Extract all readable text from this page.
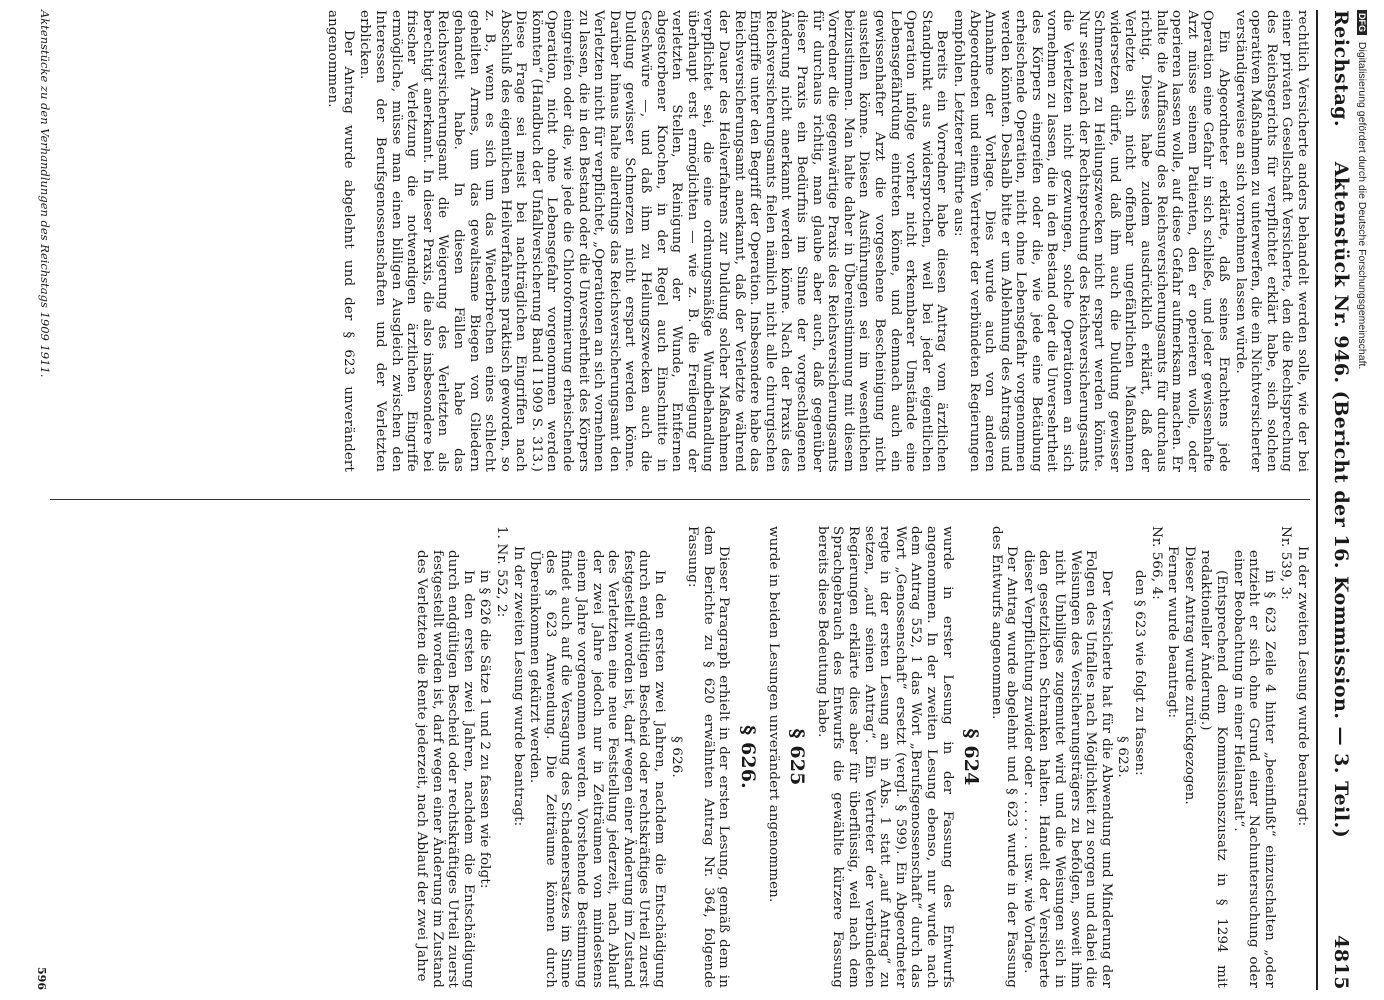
Reichstag.
Aktenstück Nr. 946. (Bericht der 16. Kommission. — 3. Teil.)
4815

rechtlich Versicherte anders behandelt werden solle, wie der bei einer privaten Gesellschaft Versicherte, den die Rechtsprechung des Reichsgerichts für verpflichtet erklärt habe, sich solchen operativen Maßnahmen zu unterwerfen, die ein Nichtversicherter verständigerweise an sich vornehmen lassen würde.

Ein Abgeordneter erklärte, daß seines Erachtens jede Operation eine Gefahr in sich schließe, und jeder gewissenhafte Arzt müsse seinem Patienten, den er operieren wolle, oder operieren lassen wolle, auf diese Gefahr aufmerksam machen. Er halte die Auffassung des Reichsversicherungsamts für durchaus richtig. Dieses habe zudem ausdrücklich erklärt, daß der Verletzte sich nicht offenbar ungefährlichen Maßnahmen widersetzen dürfe, und daß ihm auch die Duldung gewisser Schmerzen zu Heilungszwecken nicht erspart werden könnte. Nur seien nach der Rechtsprechung des Reichsversicherungsamts die Verletzten nicht gezwungen, solche Operationen an sich vornehmen zu lassen, die in den Bestand oder die Unversehrtheit des Körpers eingreifen oder die, wie jede eine Betäubung erheischende Operation, nicht ohne Lebensgefahr vorgenommen werden könnten. Deshalb bitte er um Ablehnung des Antrags und Annahme der Vorlage. Dies wurde auch von anderen Abgeordneten und einem Vertreter der verbündeten Regierungen empfohlen. Letzterer führte aus:

Bereits ein Vorredner habe diesen Antrag vom ärztlichen Standpunkt aus widersprochen, weil bei jeder eigentlichen Operation infolge vorher nicht erkennbarer Umstände eine Lebensgefährdung eintreten könne, und demnach auch ein gewissenhafter Arzt die vorgesehene Bescheinigung nicht ausstellen könne. Diesen Ausführungen sei im wesentlichen beizustimmen. Man halte daher in Übereinstimmung mit diesem Vorredner die gegenwärtige Praxis des Reichsversicherungsamts für durchaus richtig, man glaube aber auch, daß gegenüber dieser Praxis ein Bedürfnis im Sinne der vorgeschlagenen Änderung nicht anerkannt werden könne. Nach der Praxis des Reichsversicherungsamts fielen nämlich nicht alle chirurgischen Eingriffe unter den Begriff der Operation. Insbesondere habe das Reichsversicherungsamt anerkannt, daß der Verletzte während der Dauer des Heilverfahrens zur Duldung solcher Maßnahmen verpflichtet sei, die eine ordnungsmäßige Wundbehandlung überhaupt erst ermöglichten — wie z. B. die Freilegung der verletzten Stellen, Reinigung der Wunde, Entfernen abgestorbener Knochen, in der Regel auch Einschnitte in Geschwüre —, und daß ihm zu Heilungszwecken auch die Duldung gewisser Schmerzen nicht erspart werden könne. Darüber hinaus halte allerdings das Reichsversicherungsamt den Verletzten nicht für verpflichtet, „Operationen an sich vornehmen zu lassen, die in den Bestand oder die Unversehrtheit des Körpers eingreifen oder die, wie jede die Chloroformierung erheischende Operation, nicht ohne Lebensgefahr vorgenommen werden könnten“ (Handbuch der Unfallversicherung Band I 1909 S. 313.) Diese Frage sei meist bei nachträglichen Eingriffen nach Abschluß des eigentlichen Heilverfahrens praktisch geworden, so z. B., wenn es sich um das Wiederbrechen eines schlecht geheilten Armes, um das gewaltsame Biegen von Gliedern gehandelt habe. In diesen Fällen habe das Reichsversicherungsamt die Weigerung des Verletzten als berechtigt anerkannt. In dieser Praxis, die also insbesondere bei frischer Verletzung die notwendigen ärztlichen Eingriffe ermögliche, müsse man einen billigen Ausgleich zwischen den Interessen der Berufsgenossenschaften und der Verletzten erblicken.

Der Antrag wurde abgelehnt und der § 623 unverändert angenommen.

In der zweiten Lesung wurde beantragt:

Nr. 539, 3:

in § 623 Zeile 4 hinter „beeinflußt“ einzuschalten „oder entzieht er sich ohne Grund einer Nachuntersuchung oder einer Beobachtung in einer Heilanstalt“.

(Entsprechend dem Kommissionszusatz in § 1294 mit redaktioneller Änderung.)

Dieser Antrag wurde zurückgezogen.

Ferner wurde beantragt:

Nr. 566, 4:

den § 623 wie folgt zu fassen:

§ 623.

Der Versicherte hat für die Abwendung und Minderung der Folgen des Unfalles nach Möglichkeit zu sorgen und dabei die Weisungen des Versicherungsträgers zu befolgen, soweit ihm nicht Unbilliges zugemutet wird und die Weisungen sich in den gesetzlichen Schranken halten. Handelt der Versicherte dieser Verpflichtung zuwider oder . . . . . . . usw. wie Vorlage.

Der Antrag wurde abgelehnt und § 623 wurde in der Fassung des Entwurfs angenommen.

§ 624

wurde in erster Lesung in der Fassung des Entwurfs angenommen. In der zweiten Lesung ebenso, nur wurde nach dem Antrag 552, 1 das Wort „Berufsgenossenschaft“ durch das Wort „Genossenschaft“ ersetzt (vergl. § 599). Ein Abgeordneter regte in der ersten Lesung an in Abs. 1 statt „auf Antrag“ zu setzen, „auf seinen Antrag“. Ein Vertreter der verbündeten Regierungen erklärte dies aber für überflüssig, weil nach dem Sprachgebrauch des Entwurfs die gewählte kürzere Fassung bereits diese Bedeutung habe.

§ 625

wurde in beiden Lesungen unverändert angenommen.

§ 626.

Dieser Paragraph erhielt in der ersten Lesung, gemäß dem in dem Berichte zu § 620 erwähnten Antrag Nr. 364, folgende Fassung:

§ 626.

In den ersten zwei Jahren, nachdem die Entschädigung durch endgültigen Bescheid oder rechtskräftiges Urteil zuerst festgestellt worden ist, darf wegen einer Änderung im Zustand des Verletzten eine neue Feststellung jederzeit, nach Ablauf der zwei Jahre jedoch nur in Zeiträumen von mindestens einem Jahre vorgenommen werden. Vorstehende Bestimmung findet auch auf die Versagung des Schadenersatzes im Sinne des § 623 Anwendung. Die Zeiträume können durch Übereinkommen gekürzt werden.

In der zweiten Lesung wurde beantragt:

1. Nr. 552, 2:

in § 626 die Sätze 1 und 2 zu fassen wie folgt:

In den ersten zwei Jahren, nachdem die Entschädigung durch endgültigen Bescheid oder rechtskräftiges Urteil zuerst festgestellt worden ist, darf wegen einer Änderung im Zustand des Verletzten die Rente jederzeit, nach Ablauf der zwei Jahre

Aktenstücke zu den Verhandlungen des Reichstags 1909 1911.
596
DFG Digitalisierung gefördert durch die Deutsche Forschungsgemeinschaft.
